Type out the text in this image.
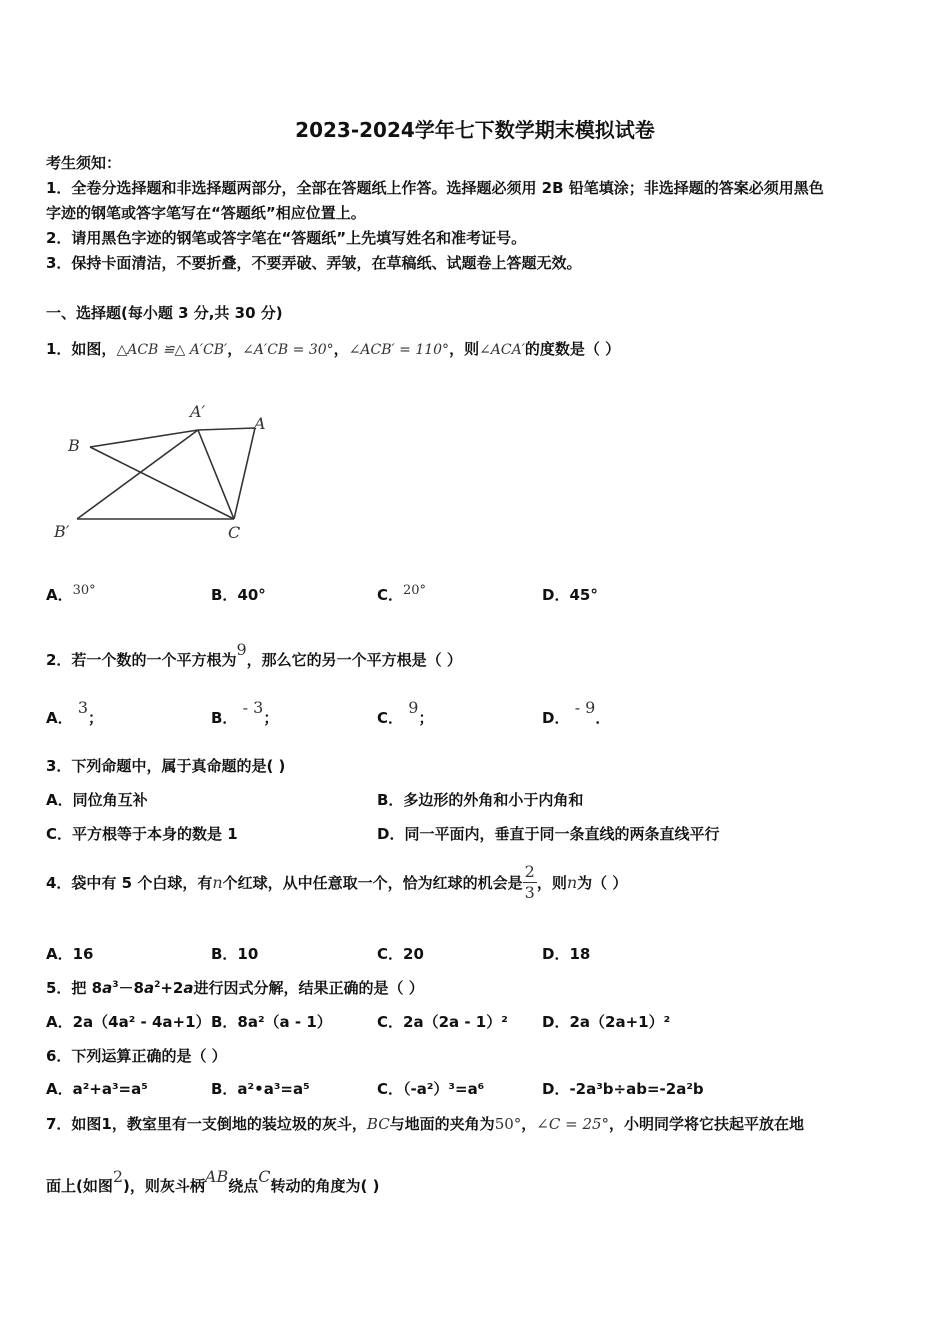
2023-2024学年七下数学期末模拟试卷
考生须知：
1．全卷分选择题和非选择题两部分，全部在答题纸上作答。选择题必须用 2B 铅笔填涂；非选择题的答案必须用黑色
字迹的钢笔或答字笔写在“答题纸”相应位置上。
2．请用黑色字迹的钢笔或答字笔在“答题纸”上先填写姓名和准考证号。
3．保持卡面清洁，不要折叠，不要弄破、弄皱，在草稿纸、试题卷上答题无效。
一、选择题(每小题 3 分,共 30 分)
1．如图，△ACB ≌△ A′CB′，∠A′CB = 30°，∠ACB′ = 110°，则∠ACA′的度数是（ ）
A′
A
B
B′	C
A．30°	B．40°	C．20°	D．45°
2．若一个数的一个平方根为9，那么它的另一个平方根是（ ）
A． 3；	B． - 3；	C． 9；	D． - 9．
3．下列命题中，属于真命题的是( )
A．同位角互补	B．多边形的外角和小于内角和
C．平方根等于本身的数是 1	D．同一平面内，垂直于同一条直线的两条直线平行
4．袋中有 5 个白球，有n个红球，从中任意取一个，恰为红球的机会是 $\frac{2}{3}$ ，则n为（ ）
A．16	B．10	C．20	D．18
5．把 $8a^3-8a^2+2a$进行因式分解，结果正确的是（ ）
A．2a（4a² - 4a+1） B．8a²（a - 1）	C．2a（2a - 1）² D．2a（2a+1）²
6．下列运算正确的是（ ）
A．a²+a³=a⁵	B．a²•a³=a⁵	C．（-a²）³=a⁶	D．-2a³b÷ab=-2a²b
7．如图1，教室里有一支倒地的装垃圾的灰斗，BC与地面的夹角为50°，∠C = 25°，小明同学将它扶起平放在地
面上(如图2)，则灰斗柄AB绕点C转动的角度为( )
